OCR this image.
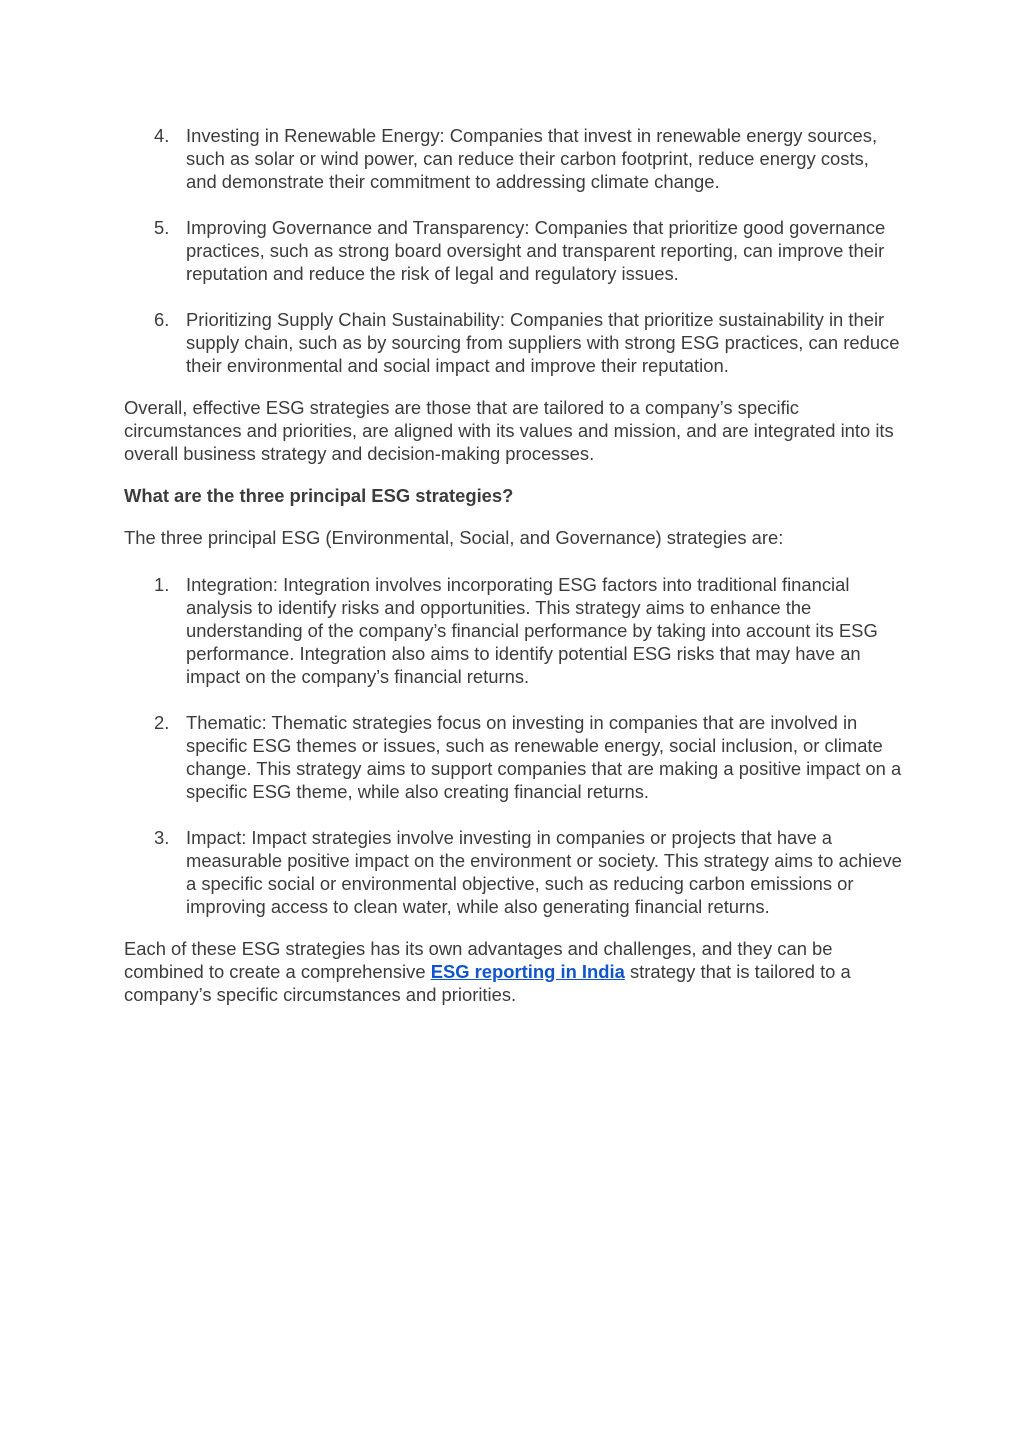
4. Investing in Renewable Energy: Companies that invest in renewable energy sources, such as solar or wind power, can reduce their carbon footprint, reduce energy costs, and demonstrate their commitment to addressing climate change.
5. Improving Governance and Transparency: Companies that prioritize good governance practices, such as strong board oversight and transparent reporting, can improve their reputation and reduce the risk of legal and regulatory issues.
6. Prioritizing Supply Chain Sustainability: Companies that prioritize sustainability in their supply chain, such as by sourcing from suppliers with strong ESG practices, can reduce their environmental and social impact and improve their reputation.

Overall, effective ESG strategies are those that are tailored to a company’s specific circumstances and priorities, are aligned with its values and mission, and are integrated into its overall business strategy and decision-making processes.

What are the three principal ESG strategies?

The three principal ESG (Environmental, Social, and Governance) strategies are:

1. Integration: Integration involves incorporating ESG factors into traditional financial analysis to identify risks and opportunities. This strategy aims to enhance the understanding of the company’s financial performance by taking into account its ESG performance. Integration also aims to identify potential ESG risks that may have an impact on the company’s financial returns.
2. Thematic: Thematic strategies focus on investing in companies that are involved in specific ESG themes or issues, such as renewable energy, social inclusion, or climate change. This strategy aims to support companies that are making a positive impact on a specific ESG theme, while also creating financial returns.
3. Impact: Impact strategies involve investing in companies or projects that have a measurable positive impact on the environment or society. This strategy aims to achieve a specific social or environmental objective, such as reducing carbon emissions or improving access to clean water, while also generating financial returns.

Each of these ESG strategies has its own advantages and challenges, and they can be combined to create a comprehensive ESG reporting in India strategy that is tailored to a company’s specific circumstances and priorities.
